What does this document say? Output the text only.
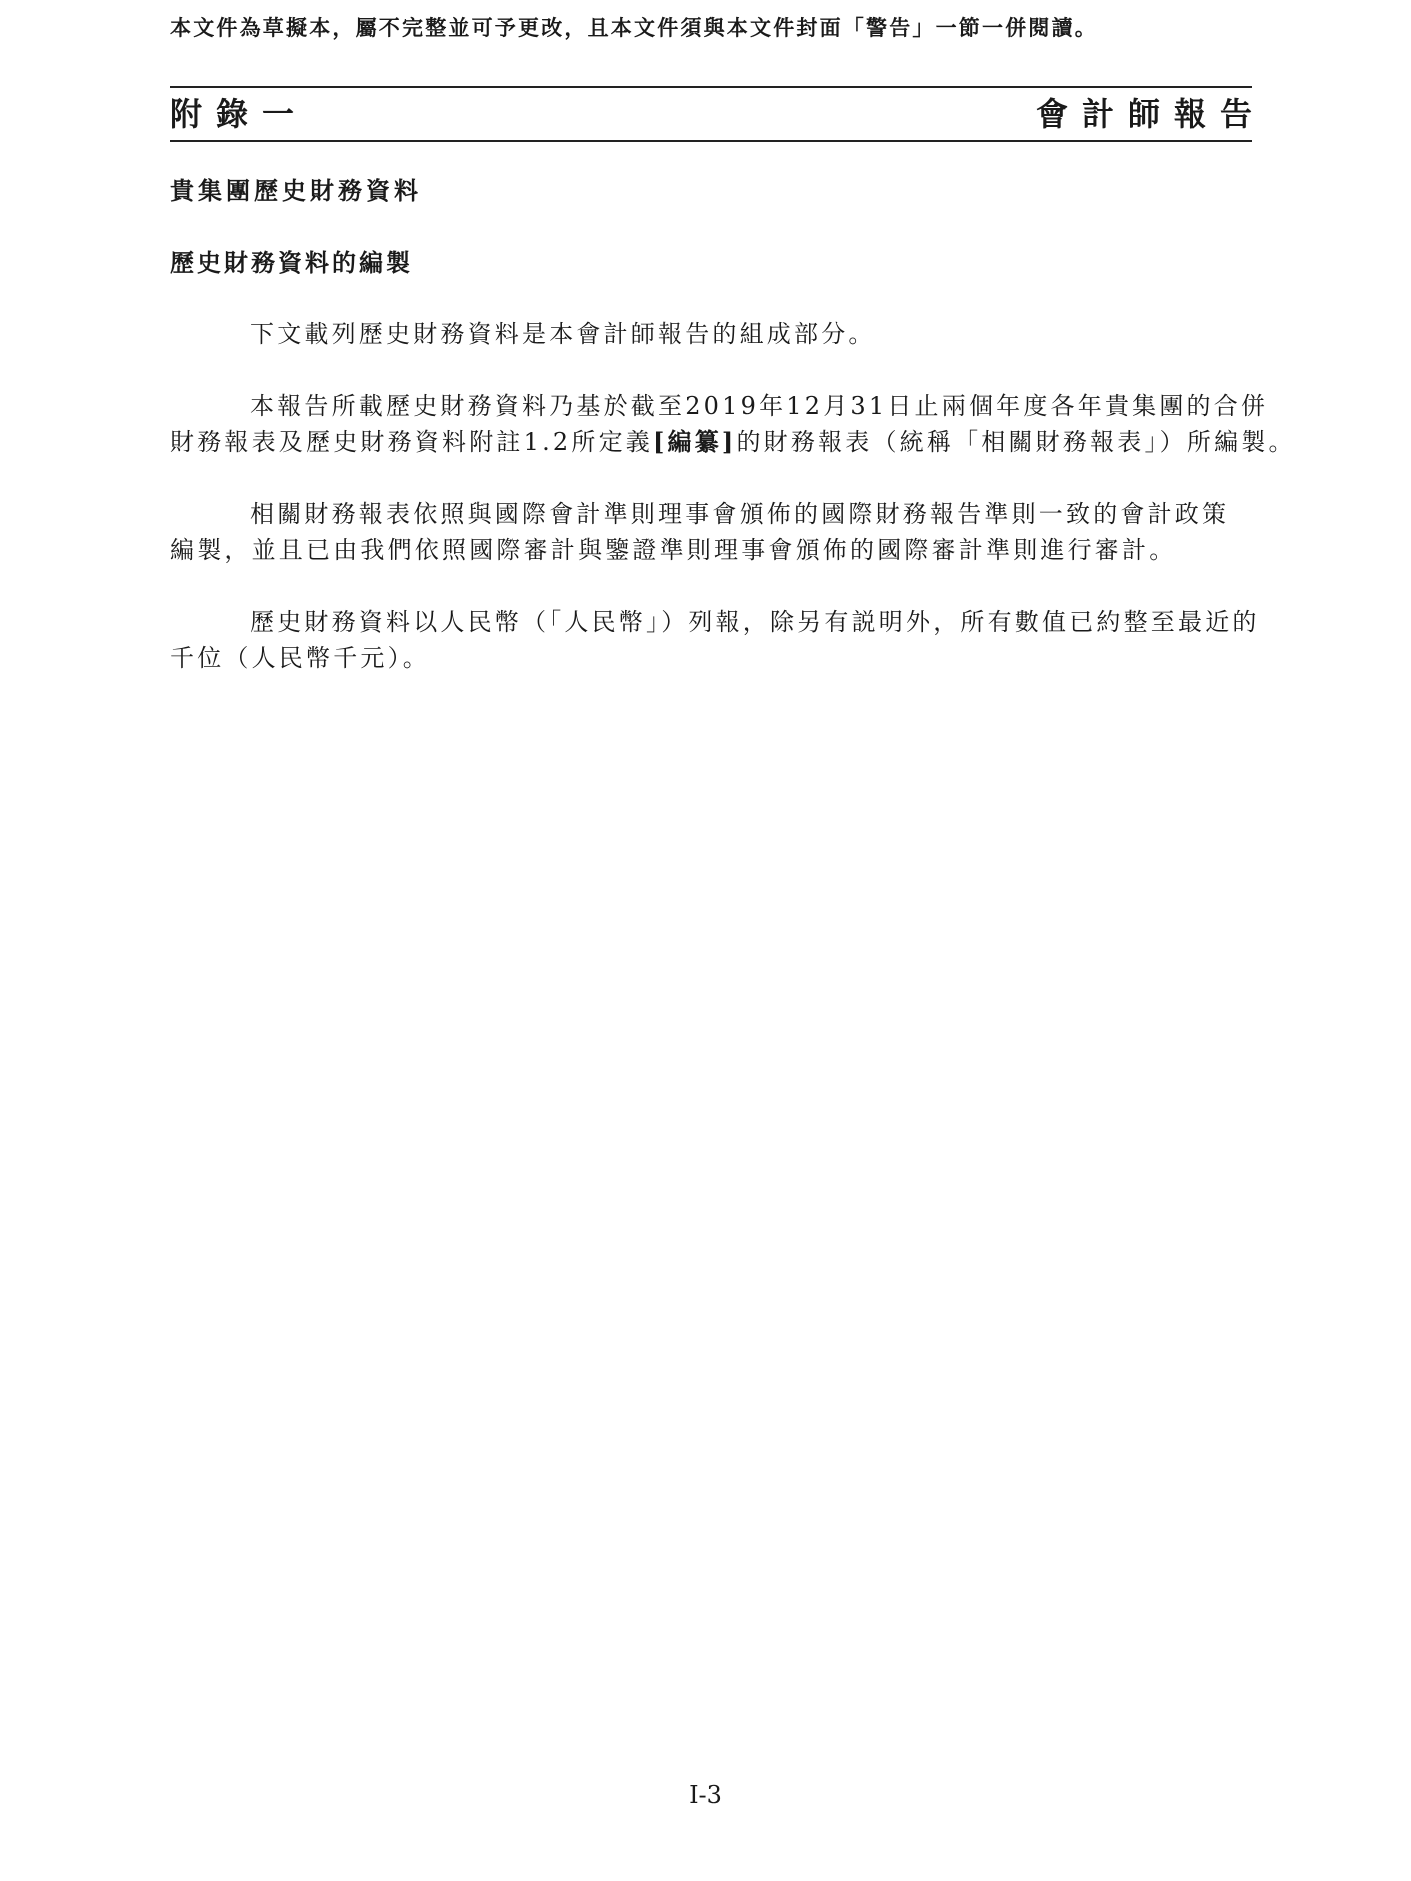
本文件為草擬本，屬不完整並可予更改，且本文件須與本文件封面「警告」一節一併閱讀。
附錄一	會計師報告
貴集團歷史財務資料
歷史財務資料的編製
下文載列歷史財務資料是本會計師報告的組成部分。
本報告所載歷史財務資料乃基於截至2019年12月31日止兩個年度各年貴集團的合併
財務報表及歷史財務資料附註1.2所定義[編纂]的財務報表（統稱「相關財務報表」）所編製。
相關財務報表依照與國際會計準則理事會頒佈的國際財務報告準則一致的會計政策
編製，並且已由我們依照國際審計與鑒證準則理事會頒佈的國際審計準則進行審計。
歷史財務資料以人民幣（「人民幣」）列報，除另有説明外，所有數值已約整至最近的
千位（人民幣千元）。
I-3
